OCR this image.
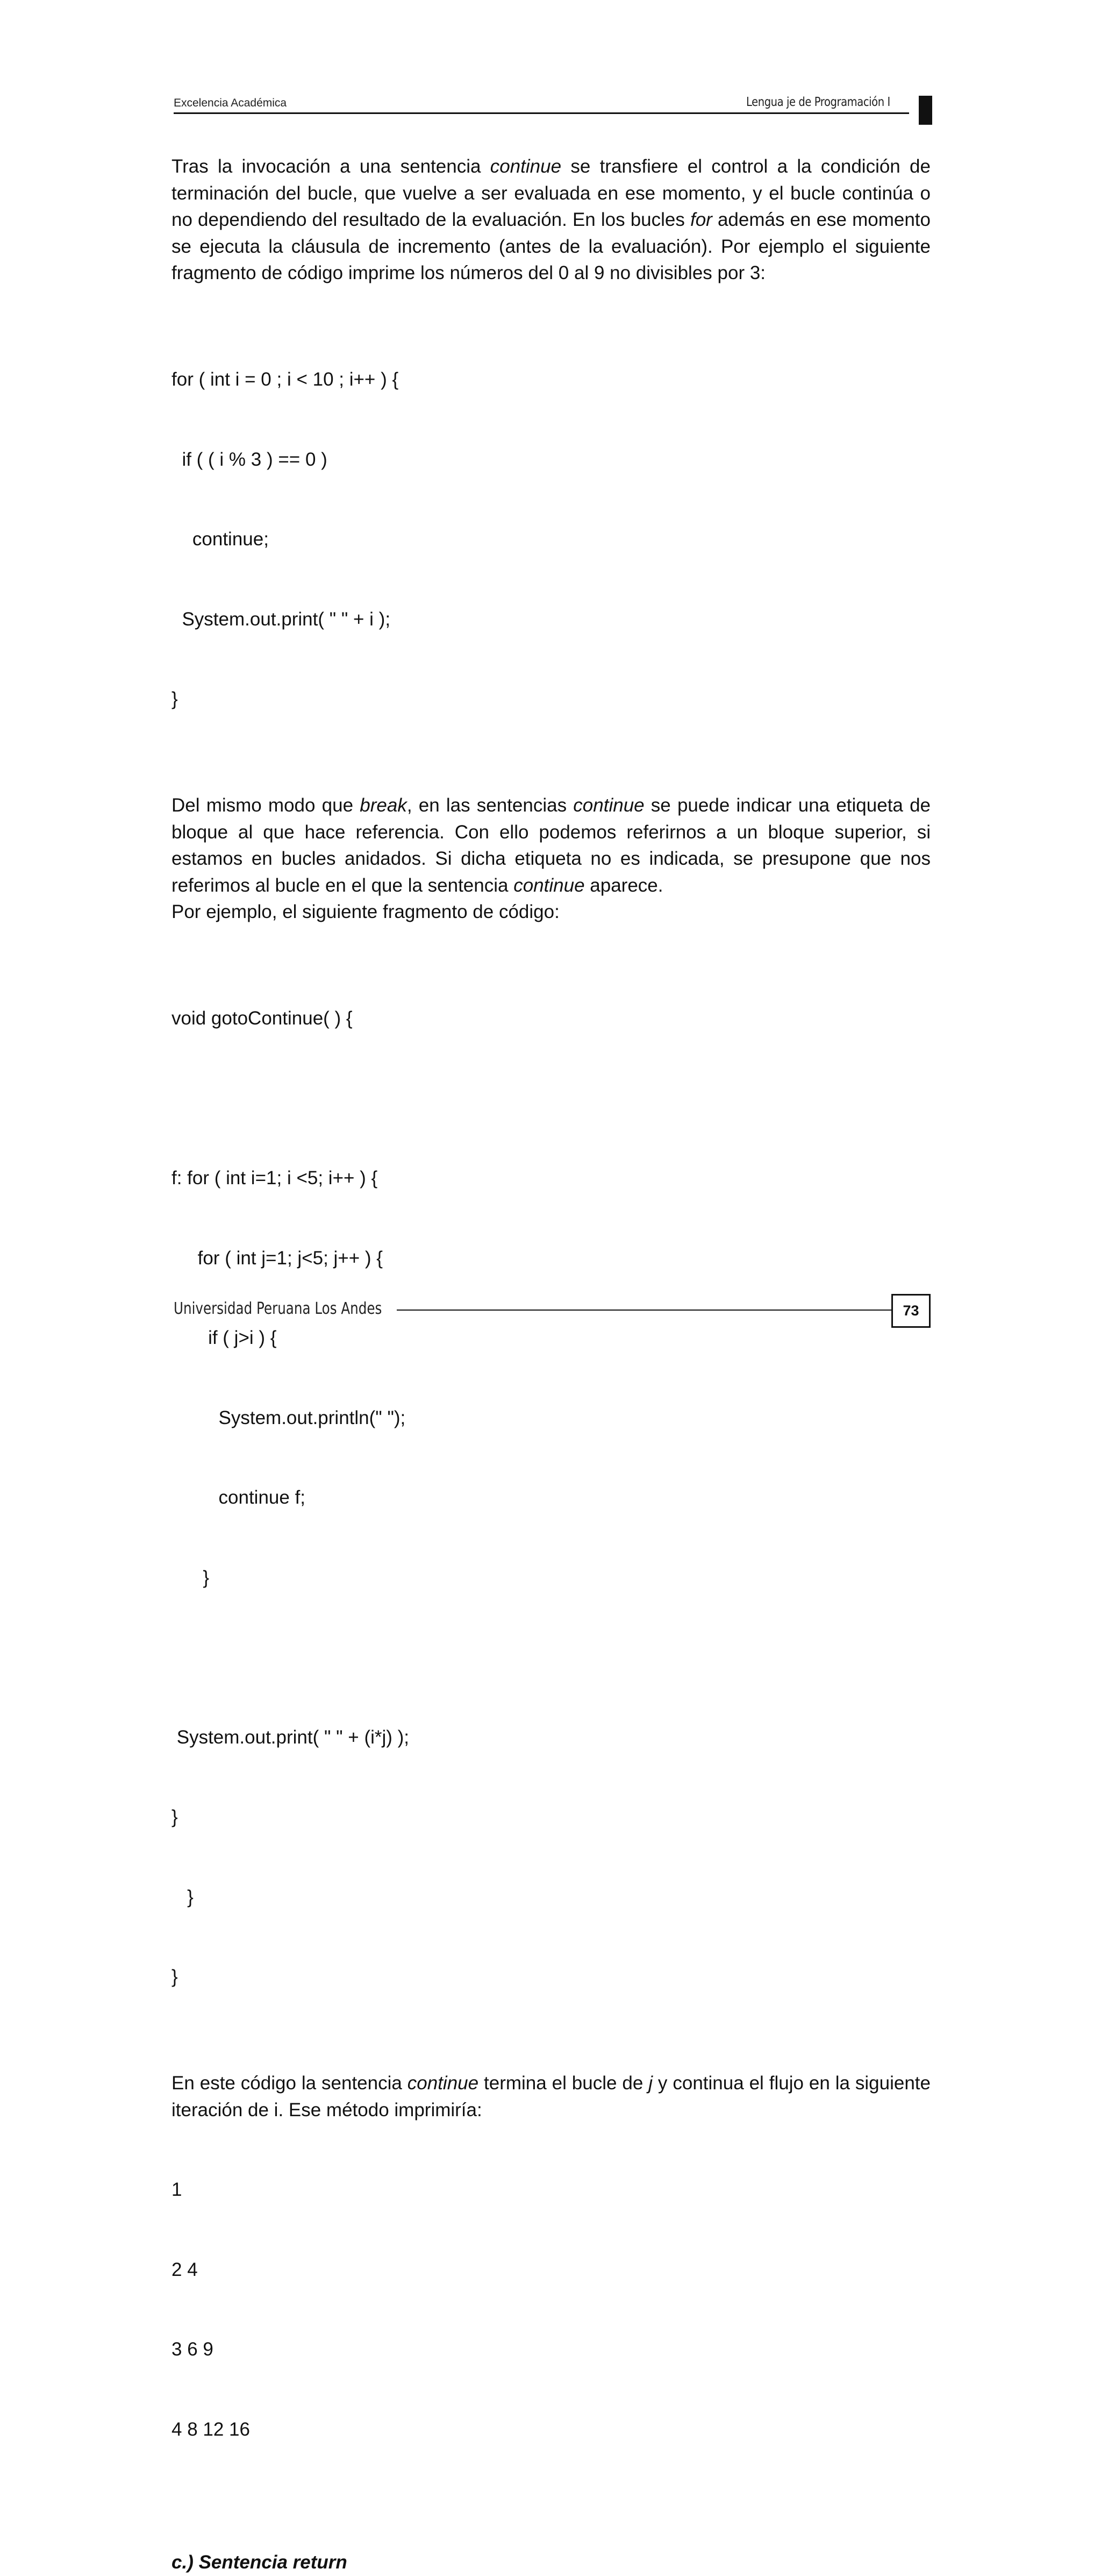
Excelencia Académica	Lengua je de Programación I

Tras la invocación a una sentencia continue se transfiere el control a la condición de terminación del bucle, que vuelve a ser evaluada en ese momento, y el bucle continúa o no dependiendo del resultado de la evaluación. En los bucles for además en ese momento se ejecuta la cláusula de incremento (antes de la evaluación). Por ejemplo el siguiente fragmento de código imprime los números del 0 al 9 no divisibles por 3:

for ( int i = 0 ; i < 10 ; i++ ) {

if ( ( i % 3 ) == 0 )

continue;

System.out.print( " " + i );

}

Del mismo modo que break, en las sentencias continue se puede indicar una etiqueta de bloque al que hace referencia. Con ello podemos referirnos a un bloque superior, si estamos en bucles anidados. Si dicha etiqueta no es indicada, se presupone que nos referimos al bucle en el que la sentencia continue aparece.

Por ejemplo, el siguiente fragmento de código:

void gotoContinue( ) {

f: for ( int i=1; i <5; i++ ) {

for ( int j=1; j<5; j++ ) {

if ( j>i ) {

System.out.println(" ");

continue f;

}

System.out.print( " " + (i*j) );

}

}

}

En este código la sentencia continue termina el bucle de j y continua el flujo en la siguiente iteración de i. Ese método imprimiría:

1

2 4

3 6 9

4 8 12 16

c.) Sentencia return

Universidad Peruana Los Andes	73
